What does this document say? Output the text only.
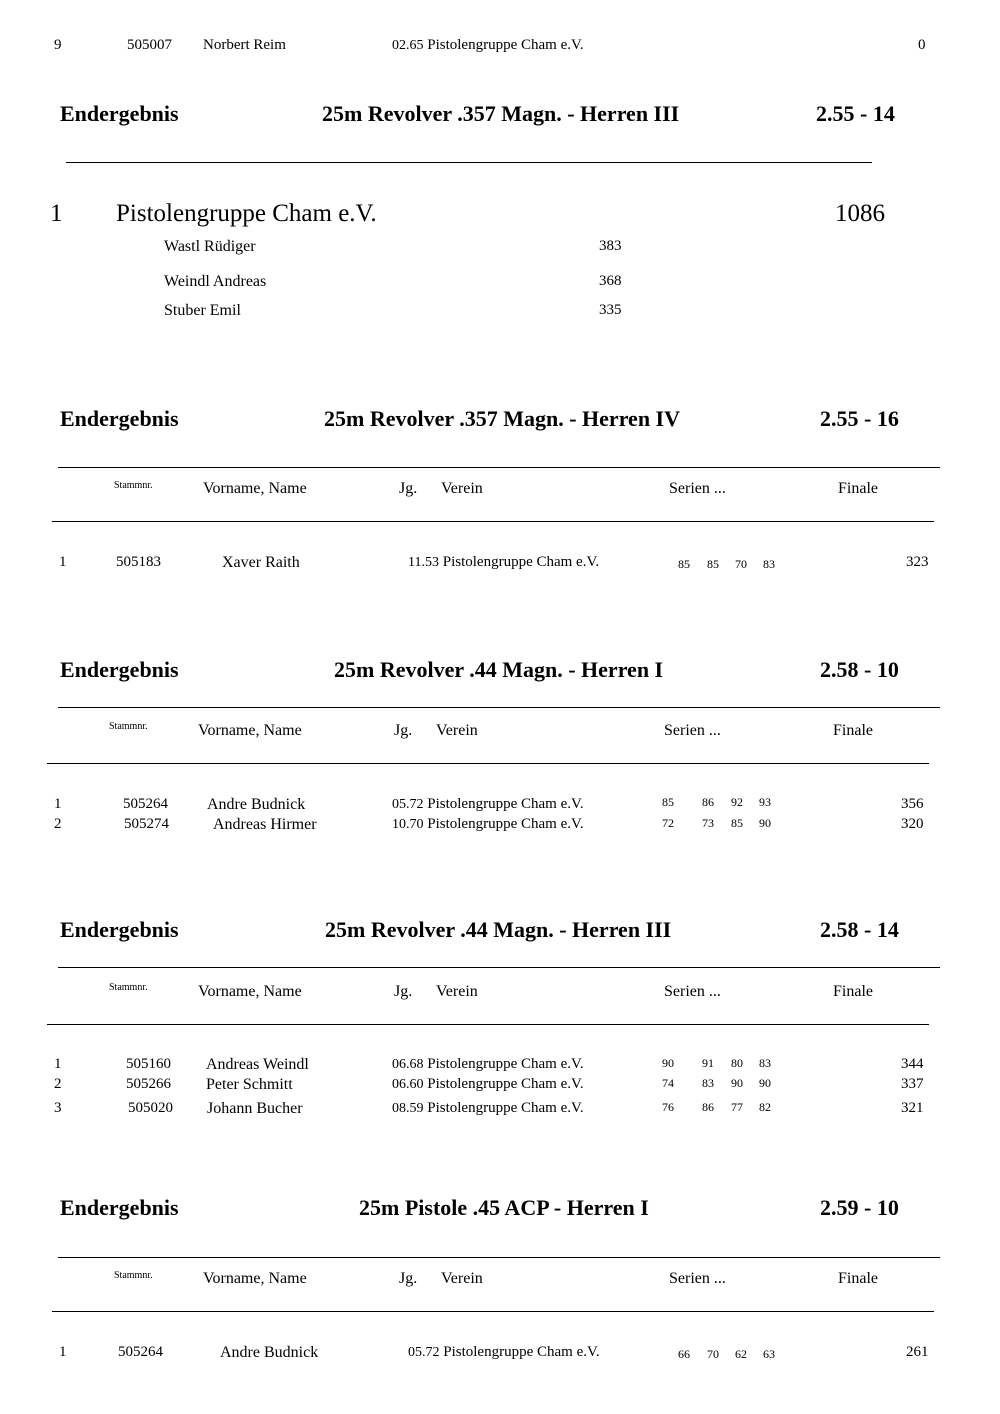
9	505007 Norbert Reim	02.65 Pistolengruppe Cham e.V.	0
Endergebnis	25m Revolver .357 Magn. - Herren III	2.55 - 14
1 Pistolengruppe Cham e.V.	1086
Wastl Rüdiger	383
Weindl Andreas	368
Stuber Emil	335
Endergebnis	25m Revolver .357 Magn. - Herren IV	2.55 - 16
Stammnr.	Vorname, Name	Jg. Verein	Serien ...	Finale
1	505183	Xaver Raith	11.53 Pistolengruppe Cham e.V.	85 85 70 83	323
Endergebnis	25m Revolver .44 Magn. - Herren I	2.58 - 10
Stammnr.	Vorname, Name	Jg. Verein	Serien ...	Finale
1	505264 Andre Budnick	05.72 Pistolengruppe Cham e.V.	85 86 92 93	356
2	505274	Andreas Hirmer	10.70 Pistolengruppe Cham e.V.	72 73 85 90	320
Endergebnis	25m Revolver .44 Magn. - Herren III	2.58 - 14
Stammnr.	Vorname, Name	Jg. Verein	Serien ...	Finale
1	505160 Andreas Weindl	06.68 Pistolengruppe Cham e.V.	90 91 80 83	344
2	505266 Peter Schmitt	06.60 Pistolengruppe Cham e.V.	74 83 90 90	337
3	505020 Johann Bucher	08.59 Pistolengruppe Cham e.V.	76 86 77 82	321
Endergebnis	25m Pistole .45 ACP - Herren I	2.59 - 10
Stammnr.	Vorname, Name	Jg. Verein	Serien ...	Finale
1	505264	Andre Budnick	05.72 Pistolengruppe Cham e.V.	66 70 62 63	261
